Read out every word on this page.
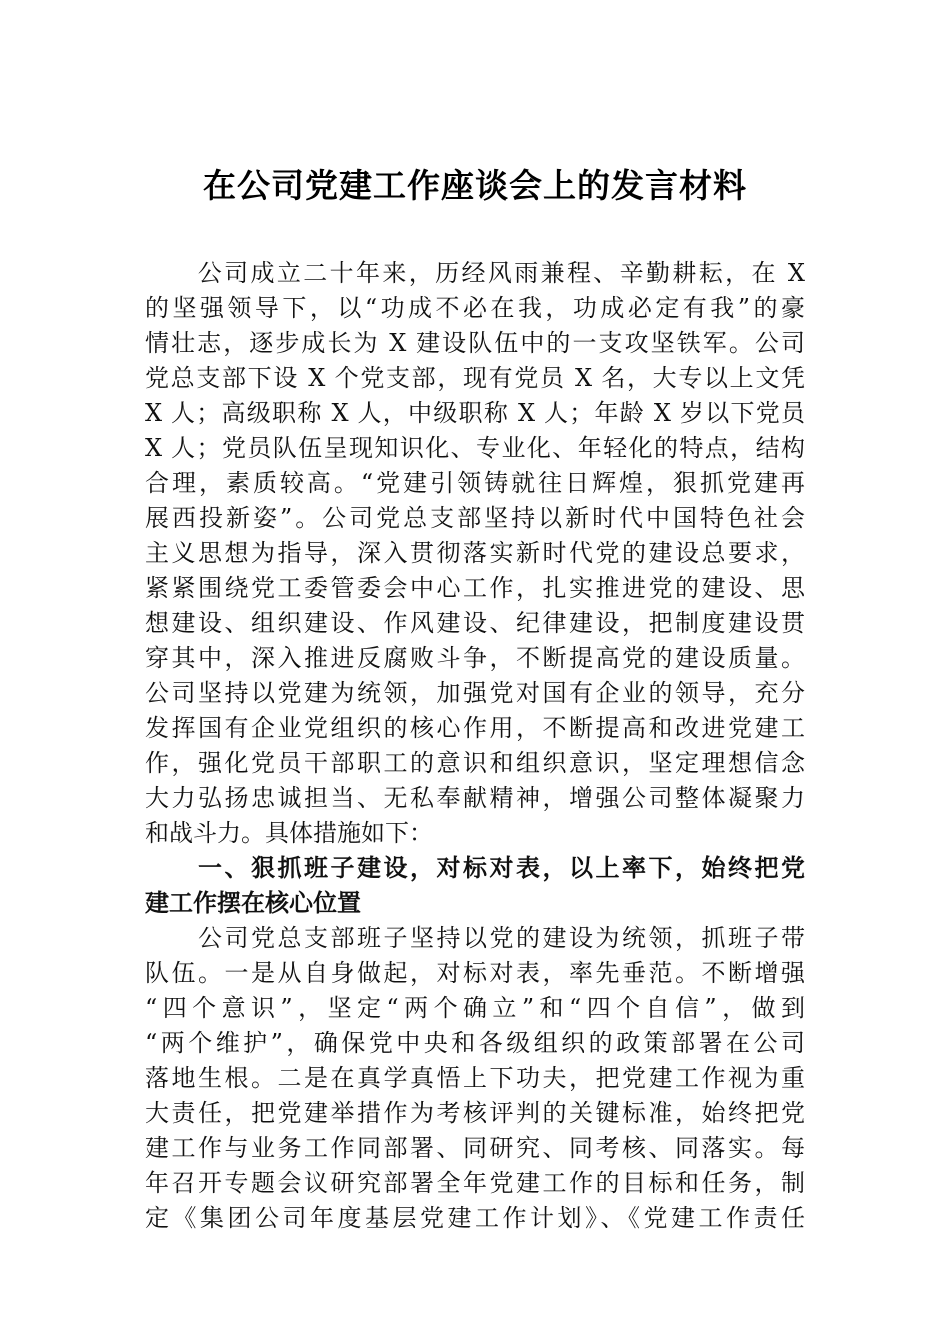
在公司党建工作座谈会上的发言材料
　　公司成立二十年来，历经风雨兼程、辛勤耕耘，在 X
的坚强领导下，以“功成不必在我，功成必定有我”的豪
情壮志，逐步成长为 X 建设队伍中的一支攻坚铁军。公司
党总支部下设 X 个党支部，现有党员 X 名，大专以上文凭
X 人；高级职称 X 人，中级职称 X 人；年龄 X 岁以下党员
X 人；党员队伍呈现知识化、专业化、年轻化的特点，结构
合理，素质较高。“党建引领铸就往日辉煌，狠抓党建再
展西投新姿”。公司党总支部坚持以新时代中国特色社会
主义思想为指导，深入贯彻落实新时代党的建设总要求，
紧紧围绕党工委管委会中心工作，扎实推进党的建设、思
想建设、组织建设、作风建设、纪律建设，把制度建设贯
穿其中，深入推进反腐败斗争，不断提高党的建设质量。
公司坚持以党建为统领，加强党对国有企业的领导，充分
发挥国有企业党组织的核心作用，不断提高和改进党建工
作，强化党员干部职工的意识和组织意识，坚定理想信念
大力弘扬忠诚担当、无私奉献精神，增强公司整体凝聚力
和战斗力。具体措施如下：
　　一、狠抓班子建设，对标对表，以上率下，始终把党
建工作摆在核心位置
　　公司党总支部班子坚持以党的建设为统领，抓班子带
队伍。一是从自身做起，对标对表，率先垂范。不断增强
“四个意识”，坚定“两个确立”和“四个自信”，做到
“两个维护”，确保党中央和各级组织的政策部署在公司
落地生根。二是在真学真悟上下功夫，把党建工作视为重
大责任，把党建举措作为考核评判的关键标准，始终把党
建工作与业务工作同部署、同研究、同考核、同落实。每
年召开专题会议研究部署全年党建工作的目标和任务，制
定《集团公司年度基层党建工作计划》、《党建工作责任
